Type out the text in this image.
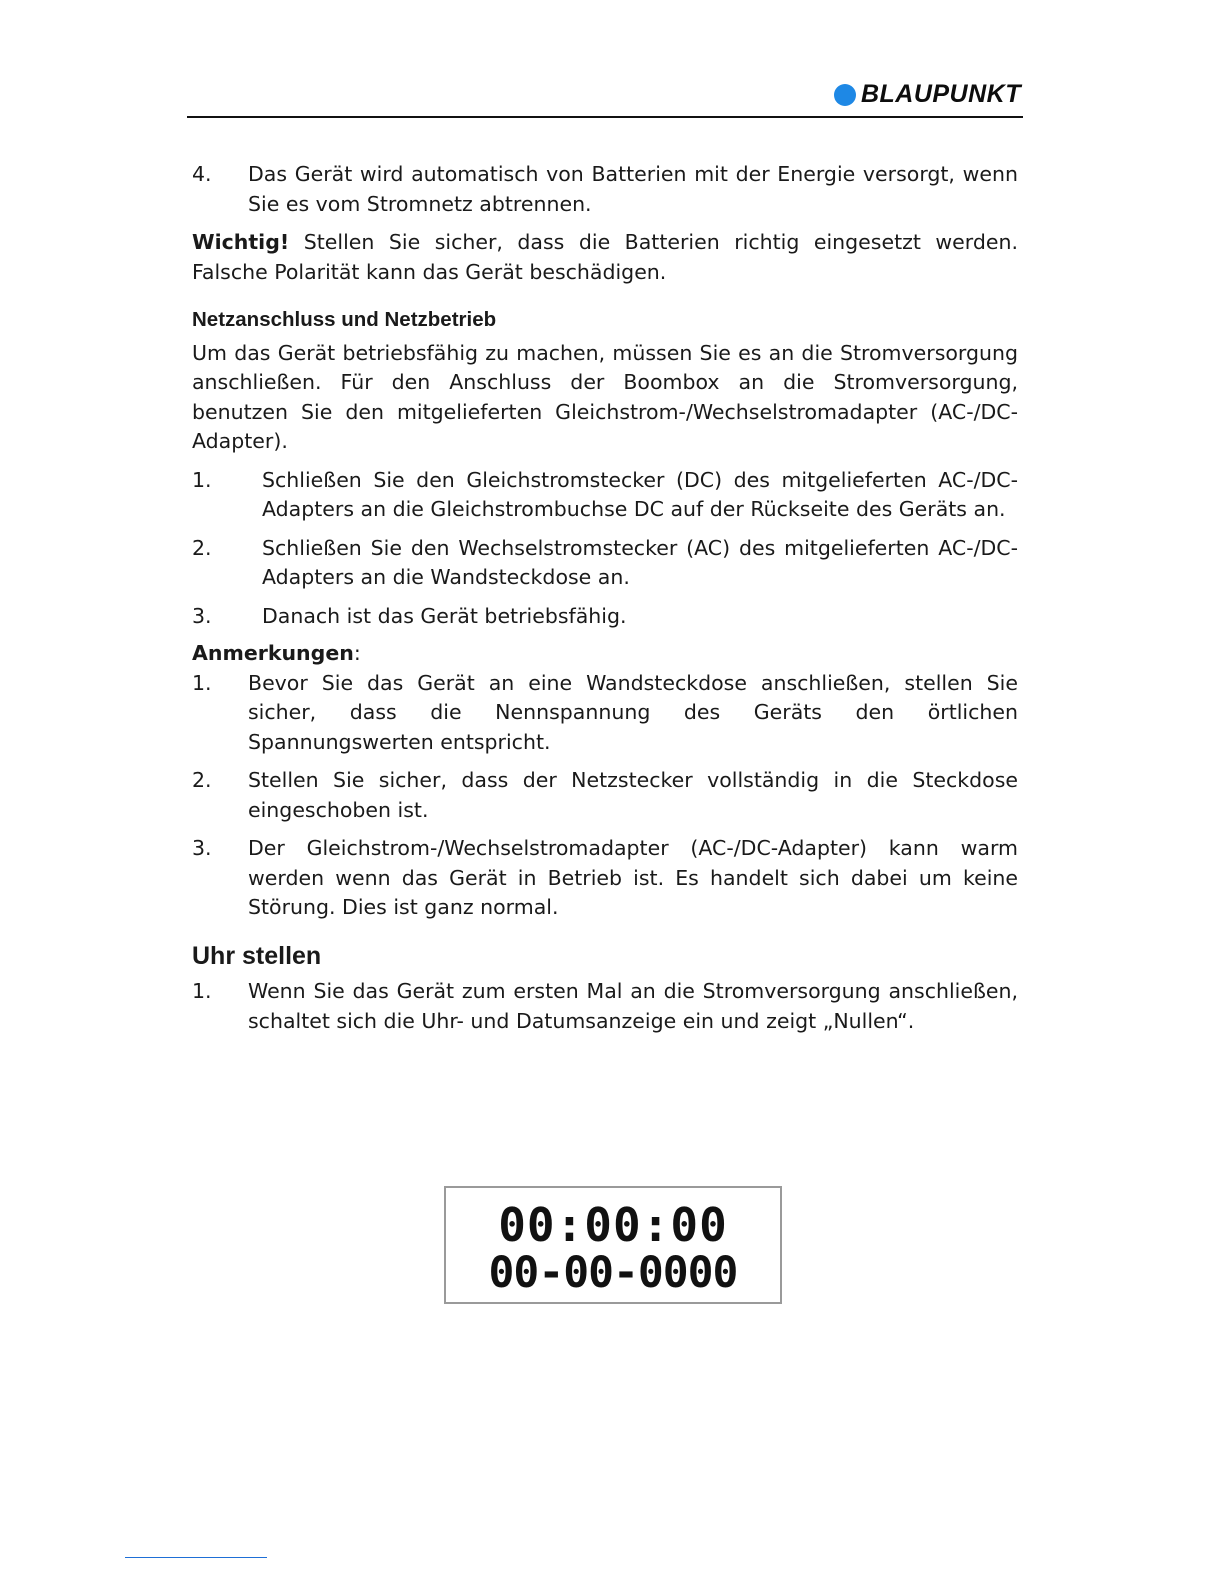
BLAUPUNKT
4. Das Gerät wird automatisch von Batterien mit der Energie versorgt, wenn Sie es vom Stromnetz abtrennen.

Wichtig! Stellen Sie sicher, dass die Batterien richtig eingesetzt werden. Falsche Polarität kann das Gerät beschädigen.

Netzanschluss und Netzbetrieb

Um das Gerät betriebsfähig zu machen, müssen Sie es an die Stromversorgung anschließen. Für den Anschluss der Boombox an die Stromversorgung, benutzen Sie den mitgelieferten Gleichstrom-/Wechselstromadapter (AC-/DC-Adapter).

1. Schließen Sie den Gleichstromstecker (DC) des mitgelieferten AC-/DC-Adapters an die Gleichstrombuchse DC auf der Rückseite des Geräts an.
2. Schließen Sie den Wechselstromstecker (AC) des mitgelieferten AC-/DC-Adapters an die Wandsteckdose an.
3. Danach ist das Gerät betriebsfähig.

Anmerkungen:

1. Bevor Sie das Gerät an eine Wandsteckdose anschließen, stellen Sie sicher, dass die Nennspannung des Geräts den örtlichen Spannungswerten entspricht.
2. Stellen Sie sicher, dass der Netzstecker vollständig in die Steckdose eingeschoben ist.
3. Der Gleichstrom-/Wechselstromadapter (AC-/DC-Adapter) kann warm werden wenn das Gerät in Betrieb ist. Es handelt sich dabei um keine Störung. Dies ist ganz normal.
Uhr stellen
1. Wenn Sie das Gerät zum ersten Mal an die Stromversorgung anschließen, schaltet sich die Uhr- und Datumsanzeige ein und zeigt „Nullen“.
00:00:00
00-00-0000
